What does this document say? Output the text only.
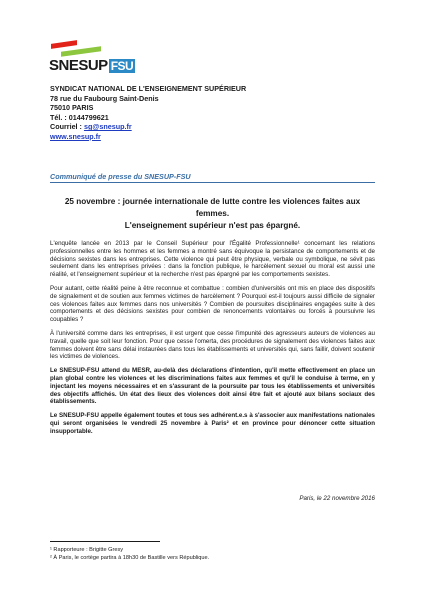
SNESUP FSU
SYNDICAT NATIONAL DE L'ENSEIGNEMENT SUPÉRIEUR
78 rue du Faubourg Saint-Denis
75010 PARIS
Tél. : 0144799621
Courriel : sg@snesup.fr
www.snesup.fr
Communiqué de presse du SNESUP-FSU
25 novembre : journée internationale de lutte contre les violences faites aux femmes.
L'enseignement supérieur n'est pas épargné.

L'enquête lancée en 2013 par le Conseil Supérieur pour l'Égalité Professionnelle¹ concernant les relations professionnelles entre les hommes et les femmes a montré sans équivoque la persistance de comportements et de décisions sexistes dans les entreprises. Cette violence qui peut être physique, verbale ou symbolique, ne sévit pas seulement dans les entreprises privées : dans la fonction publique, le harcèlement sexuel ou moral est aussi une réalité, et l'enseignement supérieur et la recherche n'est pas épargné par les comportements sexistes.

Pour autant, cette réalité peine à être reconnue et combattue : combien d'universités ont mis en place des dispositifs de signalement et de soutien aux femmes victimes de harcèlement ? Pourquoi est-il toujours aussi difficile de signaler ces violences faites aux femmes dans nos universités ? Combien de poursuites disciplinaires engagées suite à des comportements et des décisions sexistes pour combien de renoncements volontaires ou forcés à poursuivre les coupables ?

À l'université comme dans les entreprises, il est urgent que cesse l'impunité des agresseurs auteurs de violences au travail, quelle que soit leur fonction. Pour que cesse l'omerta, des procédures de signalement des violences faites aux femmes doivent être sans délai instaurées dans tous les établissements et universités qui, sans faillir, doivent soutenir les victimes de violences.

Le SNESUP-FSU attend du MESR, au-delà des déclarations d'intention, qu'il mette effectivement en place un plan global contre les violences et les discriminations faites aux femmes et qu'il le conduise à terme, en y injectant les moyens nécessaires et en s'assurant de la poursuite par tous les établissements et universités des objectifs affichés. Un état des lieux des violences doit ainsi être fait et ajouté aux bilans sociaux des établissements.

Le SNESUP-FSU appelle également toutes et tous ses adhérent.e.s à s'associer aux manifestations nationales qui seront organisées le vendredi 25 novembre à Paris² et en province pour dénoncer cette situation insupportable.

Paris, le 22 novembre 2016
¹ Rapporteure : Brigitte Gresy
² À Paris, le cortège partira à 18h30 de Bastille vers République.
